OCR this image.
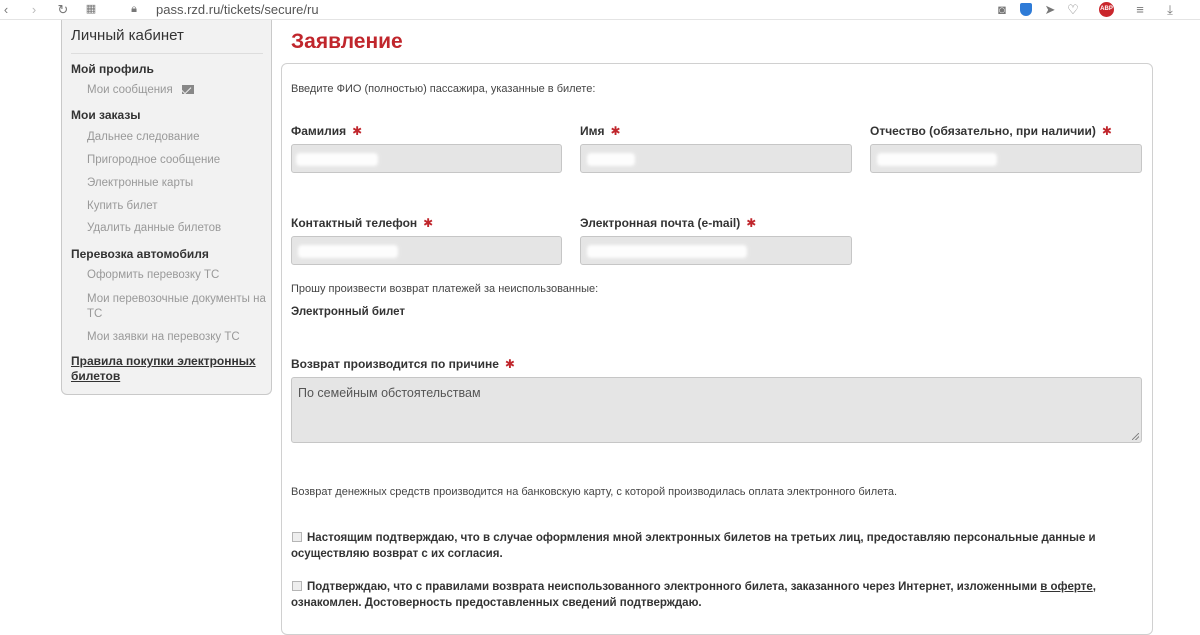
‹ › ↻ ▦	🔒︎ pass.rzd.ru/tickets/secure/ru	◙	➤ ♡	ABP ≡	⤓
Личный кабинет
Мой профиль
Мои сообщения
Мои заказы
Дальнее следование
Пригородное сообщение
Электронные карты
Купить билет
Удалить данные билетов
Перевозка автомобиля
Оформить перевозку ТС
Мои перевозочные документы на ТС
Мои заявки на перевозку ТС
Правила покупки электронных билетов
Заявление
Введите ФИО (полностью) пассажира, указанные в билете:
Фамилия ✱	Имя ✱	Отчество (обязательно, при наличии) ✱
Контактный телефон ✱	Электронная почта (e-mail) ✱
Прошу произвести возврат платежей за неиспользованные:
Электронный билет
Возврат производится по причине ✱
По семейным обстоятельствам
Возврат денежных средств производится на банковскую карту, с которой производилась оплата электронного билета.
Настоящим подтверждаю, что в случае оформления мной электронных билетов на третьих лиц, предоставляю персональные данные и осуществляю возврат с их согласия.
Подтверждаю, что с правилами возврата неиспользованного электронного билета, заказанного через Интернет, изложенными в оферте, ознакомлен. Достоверность предоставленных сведений подтверждаю.
